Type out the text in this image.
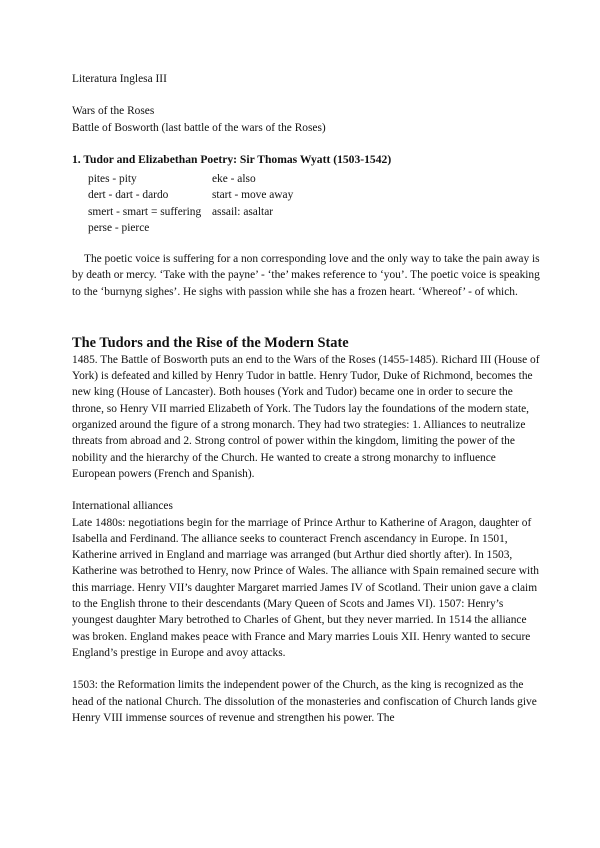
Literatura Inglesa III
Wars of the Roses
Battle of Bosworth (last battle of the wars of the Roses)
1. Tudor and Elizabethan Poetry: Sir Thomas Wyatt (1503-1542)
pites - pity	eke - also
dert - dart - dardo	start - move away
smert - smart = suffering assail: asaltar
perse - pierce

The poetic voice is suffering for a non corresponding love and the only way to take the pain away is by death or mercy. ‘Take with the payne’ - ‘the’ makes reference to ‘you’. The poetic voice is speaking to the ‘burnyng sighes’. He sighs with passion while she has a frozen heart. ‘Whereof’ - of which.

The Tudors and the Rise of the Modern State

1485. The Battle of Bosworth puts an end to the Wars of the Roses (1455-1485). Richard III (House of York) is defeated and killed by Henry Tudor in battle. Henry Tudor, Duke of Richmond, becomes the new king (House of Lancaster). Both houses (York and Tudor) became one in order to secure the throne, so Henry VII married Elizabeth of York. The Tudors lay the foundations of the modern state, organized around the figure of a strong monarch. They had two strategies: 1. Alliances to neutralize threats from abroad and 2. Strong control of power within the kingdom, limiting the power of the nobility and the hierarchy of the Church. He wanted to create a strong monarchy to influence European powers (French and Spanish).

International alliances

Late 1480s: negotiations begin for the marriage of Prince Arthur to Katherine of Aragon, daughter of Isabella and Ferdinand. The alliance seeks to counteract French ascendancy in Europe. In 1501, Katherine arrived in England and marriage was arranged (but Arthur died shortly after). In 1503, Katherine was betrothed to Henry, now Prince of Wales. The alliance with Spain remained secure with this marriage. Henry VII’s daughter Margaret married James IV of Scotland. Their union gave a claim to the English throne to their descendants (Mary Queen of Scots and James VI). 1507: Henry’s youngest daughter Mary betrothed to Charles of Ghent, but they never married. In 1514 the alliance was broken. England makes peace with France and Mary marries Louis XII. Henry wanted to secure England’s prestige in Europe and avoy attacks.

1503: the Reformation limits the independent power of the Church, as the king is recognized as the head of the national Church. The dissolution of the monasteries and confiscation of Church lands give Henry VIII immense sources of revenue and strengthen his power. The
